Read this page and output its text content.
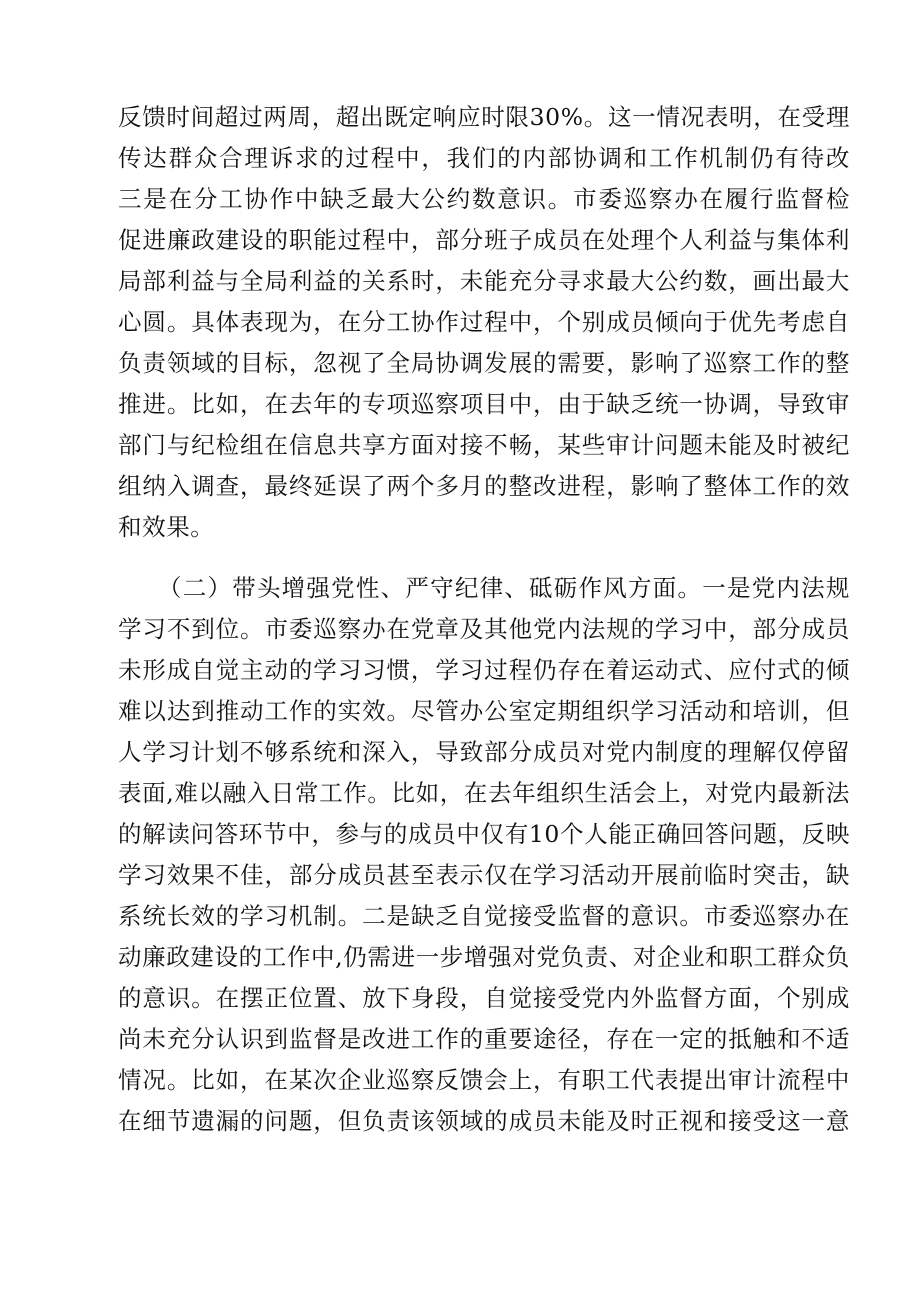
反馈时间超过两周，超出既定响应时限30%。这一情况表明，在受理
传达群众合理诉求的过程中，我们的内部协调和工作机制仍有待改
三是在分工协作中缺乏最大公约数意识。市委巡察办在履行监督检
促进廉政建设的职能过程中，部分班子成员在处理个人利益与集体利
局部利益与全局利益的关系时，未能充分寻求最大公约数，画出最大
心圆。具体表现为，在分工协作过程中，个别成员倾向于优先考虑自
负责领域的目标，忽视了全局协调发展的需要，影响了巡察工作的整
推进。比如，在去年的专项巡察项目中，由于缺乏统一协调，导致审
部门与纪检组在信息共享方面对接不畅，某些审计问题未能及时被纪
组纳入调查，最终延误了两个多月的整改进程，影响了整体工作的效
和效果。
（二）带头增强党性、严守纪律、砥砺作风方面。一是党内法规
学习不到位。市委巡察办在党章及其他党内法规的学习中，部分成员
未形成自觉主动的学习习惯，学习过程仍存在着运动式、应付式的倾
难以达到推动工作的实效。尽管办公室定期组织学习活动和培训，但
人学习计划不够系统和深入，导致部分成员对党内制度的理解仅停留
表面,难以融入日常工作。比如，在去年组织生活会上，对党内最新法
的解读问答环节中，参与的成员中仅有10个人能正确回答问题，反映
学习效果不佳，部分成员甚至表示仅在学习活动开展前临时突击，缺
系统长效的学习机制。二是缺乏自觉接受监督的意识。市委巡察办在
动廉政建设的工作中,仍需进一步增强对党负责、对企业和职工群众负
的意识。在摆正位置、放下身段，自觉接受党内外监督方面，个别成
尚未充分认识到监督是改进工作的重要途径，存在一定的抵触和不适
情况。比如，在某次企业巡察反馈会上，有职工代表提出审计流程中
在细节遗漏的问题，但负责该领域的成员未能及时正视和接受这一意
